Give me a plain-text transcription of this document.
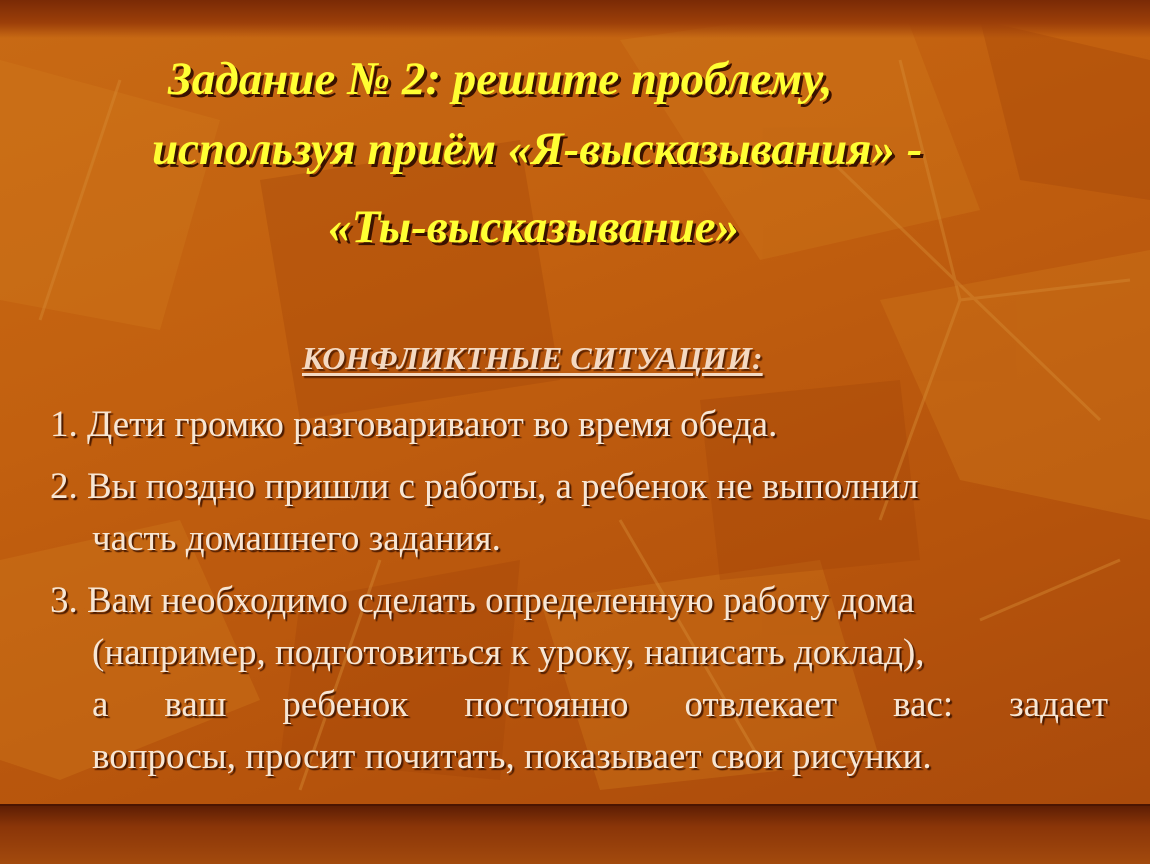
Задание № 2: решите проблему,
используя приём «Я-высказывания» -
«Ты-высказывание»
КОНФЛИКТНЫЕ СИТУАЦИИ:
1. Дети громко разговаривают во время обеда.
2. Вы поздно пришли с работы, а ребенок не выполнил
часть домашнего задания.
3. Вам необходимо сделать определенную работу дома
(например, подготовиться к уроку, написать доклад),
а ваш ребенок постоянно отвлекает вас: задает
вопросы, просит почитать, показывает свои рисунки.
